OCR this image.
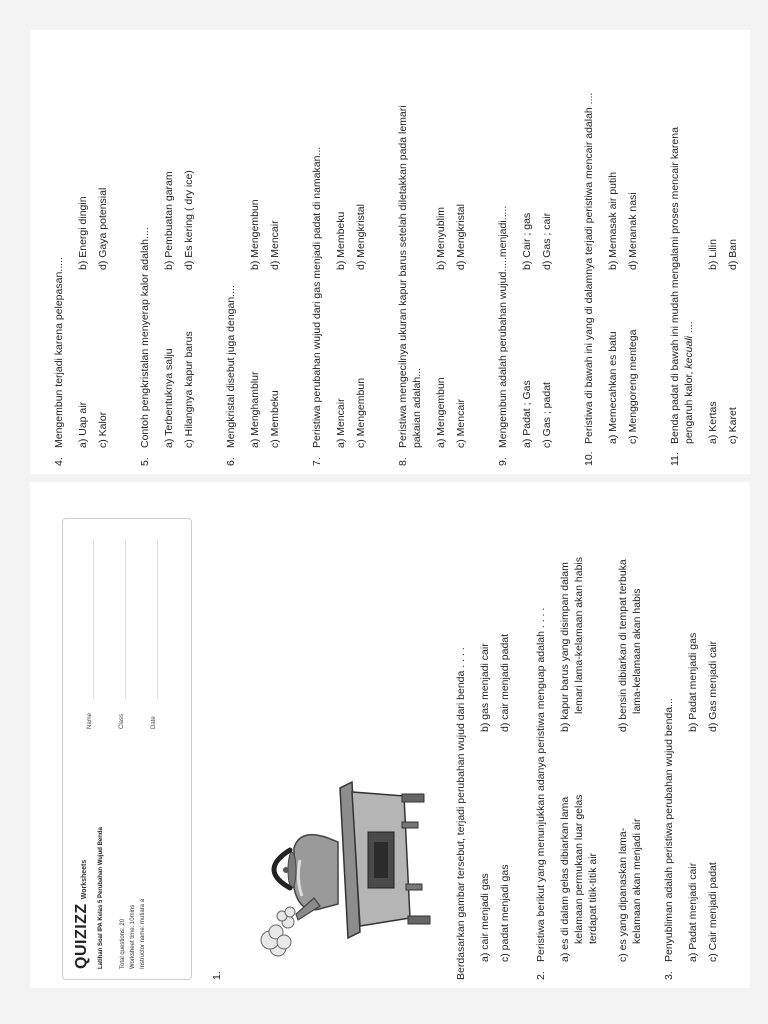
QUIZIZZ
Worksheets Latihan Soal IPA Kelas 5 Perubahan Wujud Benda	Total questions: 20 Worksheet time: 10mins Instructor name: mutiara a
Name	Class	Date
1.	Berdasarkan gambar tersebut, terjadi perubahan wujud dari benda . . . . a) cair menjadi gas
b) gas menjadi cair
c) padat menjadi gas
d) cair menjadi padat
2.
Peristiwa berikut yang menunjukkan adanya peristiwa menguap adalah . . . . a) es di dalam gelas dibiarkan lama kelamaan permukaan luar gelas terdapat titik-titik air
b) kapur barus yang disimpan dalam lemari lama-kelamaan akan habis
c) es yang dipanaskan lama- kelamaan akan menjadi air
d) bensin dibiarkan di tempat terbuka lama-kelamaan akan habis
3.
Penyubliman adalah peristiwa perubahan wujud benda... a) Padat menjadi cair
b) Padat menjadi gas
c) Cair menjadi padat
d) Gas menjadi cair
4.
Mengembun terjadi karena pelepasan..... a) Uap air
b) Energi dingin
c) Kalor
d) Gaya potensial
5.
Contoh pengkristalan menyerap kalor adalah.... a) Terbentuknya salju
b) Pembuatan garam
c) Hilangnya kapur barus
d) Es kering ( dry ice)
6.
Mengkristal disebut juga dengan.... a) Menghamblur
b) Mengembun
c) Membeku
d) Mencair
7.
Peristiwa perubahan wujud dari gas menjadi padat di namakan... a) Mencair
b) Membeku
c) Mengembun
d) Mengkristal
8.
Peristiwa mengecilnya ukuran kapur barus setelah diletakkan pada lemari pakaian adalah... a) Mengembun
b) Menyublim
c) Mencair
d) Mengkristal
9.
Mengembun adalah perubahan wujud.....menjadi..... a) Padat ; Gas
b) Cair ; gas
c) Gas ; padat
d) Gas ; cair
10.
Peristiwa di bawah ini yang di dalamnya terjadi peristiwa mencair adalah .... a) Memecahkan es batu
b) Memasak air putih
c) Menggoreng mentega
d) Menanak nasi
11.
Benda padat di bawah ini mudah mengalami proses mencair karena pengaruh kalor, kecuali ....
a) Kertas
b) Lilin
c) Karet
d) Ban
